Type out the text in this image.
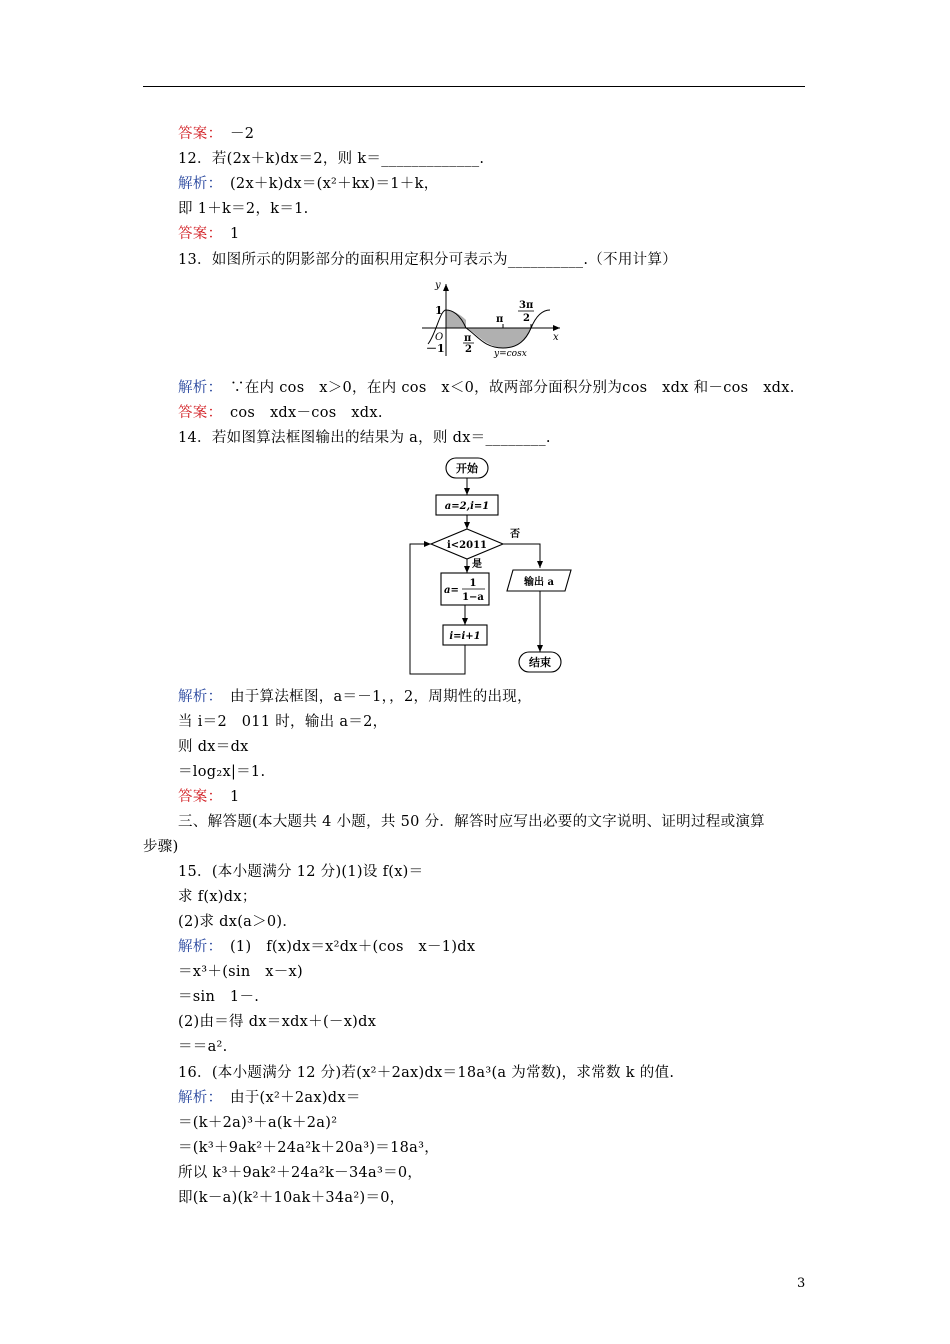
答案：　－2
12．若(2x＋k)dx＝2，则 k＝_____________.
解析：　(2x＋k)dx＝(x²＋kx)＝1＋k，
即 1＋k＝2，k＝1.
答案：　1
13．如图所示的阴影部分的面积用定积分可表示为__________.（不用计算）
解析：　∵在内 cos　x＞0，在内 cos　x＜0，故两部分面积分别为cos　xdx 和－cos　xdx.
答案：　cos　xdx－cos　xdx.
14．若如图算法框图输出的结果为 a，则 dx＝________.
解析：　由于算法框图，a＝－1，，2，周期性的出现，
当 i＝2　011 时，输出 a＝2，
则 dx＝dx
＝log₂x|＝1.
答案：　1
三、解答题(本大题共 4 小题，共 50 分．解答时应写出必要的文字说明、证明过程或演算
步骤)
15．(本小题满分 12 分)(1)设 f(x)＝
求 f(x)dx；
(2)求 dx(a＞0)．
解析：　(1)　f(x)dx＝x²dx＋(cos　x－1)dx
＝x³＋(sin　x－x)
＝sin　1－.
(2)由＝得 dx＝xdx＋(－x)dx
＝＝a².
16．(本小题满分 12 分)若(x²＋2ax)dx＝18a³(a 为常数)，求常数 k 的值.
解析：　由于(x²＋2ax)dx＝
＝(k＋2a)³＋a(k＋2a)²
＝(k³＋9ak²＋24a²k＋20a³)＝18a³，
所以 k³＋9ak²＋24a²k－34a³＝0，
即(k－a)(k²＋10ak＋34a²)＝0，
y
x
O
1
－1
π
2
π
3π
2
y=cosx
开始
a=2,i=1
i<2011
否
是
a=
1
1−a
i=i+1
输出 a
结束
3
